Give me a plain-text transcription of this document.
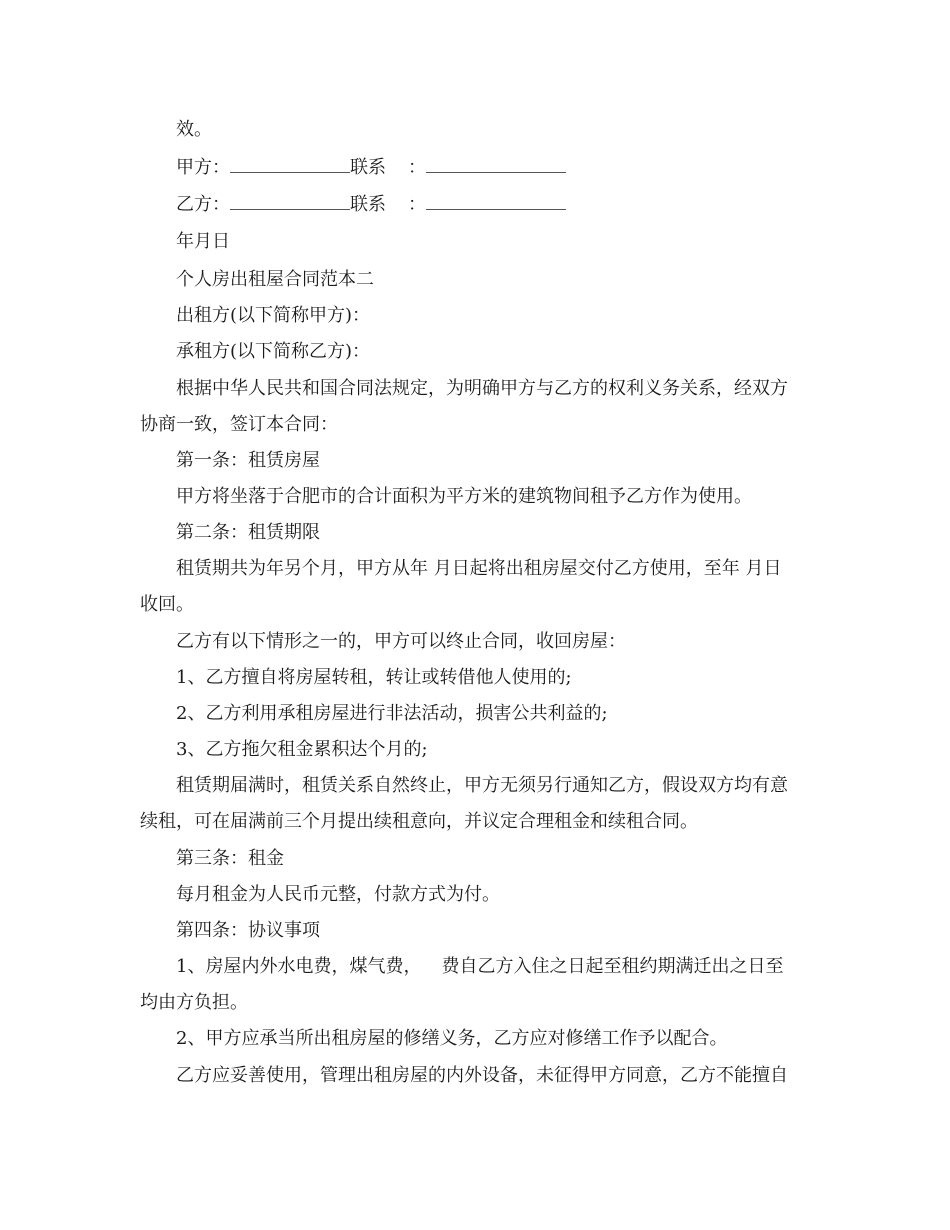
效。
甲方：	联系 ：
乙方：	联系 ：
年月日
个人房出租屋合同范本二
出租方(以下简称甲方)：
承租方(以下简称乙方)：
根据中华人民共和国合同法规定，为明确甲方与乙方的权利义务关系，经双方
协商一致，签订本合同：
第一条：租赁房屋
甲方将坐落于合肥市的合计面积为平方米的建筑物间租予乙方作为使用。
第二条：租赁期限
租赁期共为年另个月，甲方从年 月日起将出租房屋交付乙方使用，至年 月日
收回。
乙方有以下情形之一的，甲方可以终止合同，收回房屋：
1、乙方擅自将房屋转租，转让或转借他人使用的;
2、乙方利用承租房屋进行非法活动，损害公共利益的;
3、乙方拖欠租金累积达个月的;
租赁期届满时，租赁关系自然终止，甲方无须另行通知乙方，假设双方均有意
续租，可在届满前三个月提出续租意向，并议定合理租金和续租合同。
第三条：租金
每月租金为人民币元整，付款方式为付。
第四条：协议事项
1、房屋内外水电费，煤气费， 费自乙方入住之日起至租约期满迁出之日至
均由方负担。
2、甲方应承当所出租房屋的修缮义务，乙方应对修缮工作予以配合。
乙方应妥善使用，管理出租房屋的内外设备，未征得甲方同意，乙方不能擅自
